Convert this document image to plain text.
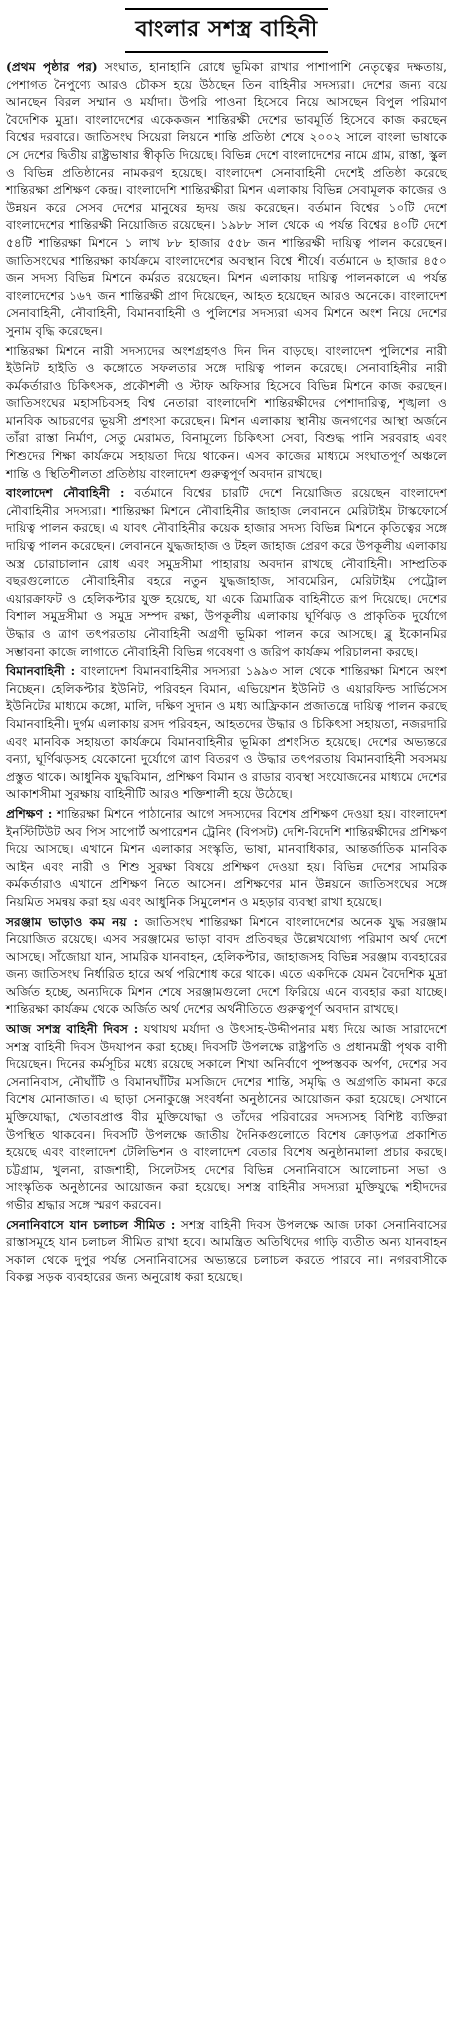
বাংলার সশস্ত্র বাহিনী

(প্রথম পৃষ্ঠার পর) সংঘাত, হানাহানি রোধে ভূমিকা রাখার পাশাপাশি নেতৃত্বের দক্ষতায়, পেশাগত নৈপুণ্যে আরও চৌকস হয়ে উঠছেন তিন বাহিনীর সদস্যরা। দেশের জন্য বয়ে আনছেন বিরল সম্মান ও মর্যাদা। উপরি পাওনা হিসেবে নিয়ে আসছেন বিপুল পরিমাণ বৈদেশিক মুদ্রা। বাংলাদেশের একেকজন শান্তিরক্ষী দেশের ভাবমূর্তি হিসেবে কাজ করছেন বিশ্বের দরবারে। জাতিসংঘ সিয়েরা লিয়নে শান্তি প্রতিষ্ঠা শেষে ২০০২ সালে বাংলা ভাষাকে সে দেশের দ্বিতীয় রাষ্ট্রভাষার স্বীকৃতি দিয়েছে। বিভিন্ন দেশে বাংলাদেশের নামে গ্রাম, রাস্তা, স্কুল ও বিভিন্ন প্রতিষ্ঠানের নামকরণ হয়েছে। বাংলাদেশ সেনাবাহিনী দেশেই প্রতিষ্ঠা করেছে শান্তিরক্ষা প্রশিক্ষণ কেন্দ্র। বাংলাদেশি শান্তিরক্ষীরা মিশন এলাকায় বিভিন্ন সেবামূলক কাজের ও উন্নয়ন করে সেসব দেশের মানুষের হৃদয় জয় করেছেন। বর্তমান বিশ্বের ১০টি দেশে বাংলাদেশের শান্তিরক্ষী নিয়োজিত রয়েছেন। ১৯৮৮ সাল থেকে এ পর্যন্ত বিশ্বের ৪০টি দেশে ৫৪টি শান্তিরক্ষা মিশনে ১ লাখ ৮৮ হাজার ৫৫৮ জন শান্তিরক্ষী দায়িত্ব পালন করেছেন। জাতিসংঘের শান্তিরক্ষা কার্যক্রমে বাংলাদেশের অবস্থান বিশ্বে শীর্ষে। বর্তমানে ৬ হাজার ৪৫০ জন সদস্য বিভিন্ন মিশনে কর্মরত রয়েছেন। মিশন এলাকায় দায়িত্ব পালনকালে এ পর্যন্ত বাংলাদেশের ১৬৭ জন শান্তিরক্ষী প্রাণ দিয়েছেন, আহত হয়েছেন আরও অনেকে। বাংলাদেশ সেনাবাহিনী, নৌবাহিনী, বিমানবাহিনী ও পুলিশের সদস্যরা এসব মিশনে অংশ নিয়ে দেশের সুনাম বৃদ্ধি করেছেন।

শান্তিরক্ষা মিশনে নারী সদস্যদের অংশগ্রহণও দিন দিন বাড়ছে। বাংলাদেশ পুলিশের নারী ইউনিট হাইতি ও কঙ্গোতে সফলতার সঙ্গে দায়িত্ব পালন করেছে। সেনাবাহিনীর নারী কর্মকর্তারাও চিকিৎসক, প্রকৌশলী ও স্টাফ অফিসার হিসেবে বিভিন্ন মিশনে কাজ করছেন। জাতিসংঘের মহাসচিবসহ বিশ্ব নেতারা বাংলাদেশি শান্তিরক্ষীদের পেশাদারিত্ব, শৃঙ্খলা ও মানবিক আচরণের ভূয়সী প্রশংসা করেছেন। মিশন এলাকায় স্থানীয় জনগণের আস্থা অর্জনে তাঁরা রাস্তা নির্মাণ, সেতু মেরামত, বিনামূল্যে চিকিৎসা সেবা, বিশুদ্ধ পানি সরবরাহ এবং শিশুদের শিক্ষা কার্যক্রমে সহায়তা দিয়ে থাকেন। এসব কাজের মাধ্যমে সংঘাতপূর্ণ অঞ্চলে শান্তি ও স্থিতিশীলতা প্রতিষ্ঠায় বাংলাদেশ গুরুত্বপূর্ণ অবদান রাখছে।

বাংলাদেশ নৌবাহিনী : বর্তমানে বিশ্বের চারটি দেশে নিয়োজিত রয়েছেন বাংলাদেশ নৌবাহিনীর সদস্যরা। শান্তিরক্ষা মিশনে নৌবাহিনীর জাহাজ লেবাননে মেরিটাইম টাস্কফোর্সে দায়িত্ব পালন করছে। এ যাবৎ নৌবাহিনীর কয়েক হাজার সদস্য বিভিন্ন মিশনে কৃতিত্বের সঙ্গে দায়িত্ব পালন করেছেন। লেবাননে যুদ্ধজাহাজ ও টহল জাহাজ প্রেরণ করে উপকূলীয় এলাকায় অস্ত্র চোরাচালান রোধ এবং সমুদ্রসীমা পাহারায় অবদান রাখছে নৌবাহিনী। সাম্প্রতিক বছরগুলোতে নৌবাহিনীর বহরে নতুন যুদ্ধজাহাজ, সাবমেরিন, মেরিটাইম পেট্রোল এয়ারক্রাফট ও হেলিকপ্টার যুক্ত হয়েছে, যা একে ত্রিমাত্রিক বাহিনীতে রূপ দিয়েছে। দেশের বিশাল সমুদ্রসীমা ও সমুদ্র সম্পদ রক্ষা, উপকূলীয় এলাকায় ঘূর্ণিঝড় ও প্রাকৃতিক দুর্যোগে উদ্ধার ও ত্রাণ তৎপরতায় নৌবাহিনী অগ্রণী ভূমিকা পালন করে আসছে। ব্লু ইকোনমির সম্ভাবনা কাজে লাগাতে নৌবাহিনী বিভিন্ন গবেষণা ও জরিপ কার্যক্রম পরিচালনা করছে।

বিমানবাহিনী : বাংলাদেশ বিমানবাহিনীর সদস্যরা ১৯৯৩ সাল থেকে শান্তিরক্ষা মিশনে অংশ নিচ্ছেন। হেলিকপ্টার ইউনিট, পরিবহন বিমান, এভিয়েশন ইউনিট ও এয়ারফিল্ড সার্ভিসেস ইউনিটের মাধ্যমে কঙ্গো, মালি, দক্ষিণ সুদান ও মধ্য আফ্রিকান প্রজাতন্ত্রে দায়িত্ব পালন করছে বিমানবাহিনী। দুর্গম এলাকায় রসদ পরিবহন, আহতদের উদ্ধার ও চিকিৎসা সহায়তা, নজরদারি এবং মানবিক সহায়তা কার্যক্রমে বিমানবাহিনীর ভূমিকা প্রশংসিত হয়েছে। দেশের অভ্যন্তরে বন্যা, ঘূর্ণিঝড়সহ যেকোনো দুর্যোগে ত্রাণ বিতরণ ও উদ্ধার তৎপরতায় বিমানবাহিনী সবসময় প্রস্তুত থাকে। আধুনিক যুদ্ধবিমান, প্রশিক্ষণ বিমান ও রাডার ব্যবস্থা সংযোজনের মাধ্যমে দেশের আকাশসীমা সুরক্ষায় বাহিনীটি আরও শক্তিশালী হয়ে উঠেছে।

প্রশিক্ষণ : শান্তিরক্ষা মিশনে পাঠানোর আগে সদস্যদের বিশেষ প্রশিক্ষণ দেওয়া হয়। বাংলাদেশ ইনস্টিটিউট অব পিস সাপোর্ট অপারেশন ট্রেনিং (বিপসট) দেশি-বিদেশি শান্তিরক্ষীদের প্রশিক্ষণ দিয়ে আসছে। এখানে মিশন এলাকার সংস্কৃতি, ভাষা, মানবাধিকার, আন্তর্জাতিক মানবিক আইন এবং নারী ও শিশু সুরক্ষা বিষয়ে প্রশিক্ষণ দেওয়া হয়। বিভিন্ন দেশের সামরিক কর্মকর্তারাও এখানে প্রশিক্ষণ নিতে আসেন। প্রশিক্ষণের মান উন্নয়নে জাতিসংঘের সঙ্গে নিয়মিত সমন্বয় করা হয় এবং আধুনিক সিমুলেশন ও মহড়ার ব্যবস্থা রাখা হয়েছে।

সরঞ্জাম ভাড়াও কম নয় : জাতিসংঘ শান্তিরক্ষা মিশনে বাংলাদেশের অনেক যুদ্ধ সরঞ্জাম নিয়োজিত রয়েছে। এসব সরঞ্জামের ভাড়া বাবদ প্রতিবছর উল্লেখযোগ্য পরিমাণ অর্থ দেশে আসছে। সাঁজোয়া যান, সামরিক যানবাহন, হেলিকপ্টার, জাহাজসহ বিভিন্ন সরঞ্জাম ব্যবহারের জন্য জাতিসংঘ নির্ধারিত হারে অর্থ পরিশোধ করে থাকে। এতে একদিকে যেমন বৈদেশিক মুদ্রা অর্জিত হচ্ছে, অন্যদিকে মিশন শেষে সরঞ্জামগুলো দেশে ফিরিয়ে এনে ব্যবহার করা যাচ্ছে। শান্তিরক্ষা কার্যক্রম থেকে অর্জিত অর্থ দেশের অর্থনীতিতে গুরুত্বপূর্ণ অবদান রাখছে।

আজ সশস্ত্র বাহিনী দিবস : যথাযথ মর্যাদা ও উৎসাহ-উদ্দীপনার মধ্য দিয়ে আজ সারাদেশে সশস্ত্র বাহিনী দিবস উদযাপন করা হচ্ছে। দিবসটি উপলক্ষে রাষ্ট্রপতি ও প্রধানমন্ত্রী পৃথক বাণী দিয়েছেন। দিনের কর্মসূচির মধ্যে রয়েছে সকালে শিখা অনির্বাণে পুষ্পস্তবক অর্পণ, দেশের সব সেনানিবাস, নৌঘাঁটি ও বিমানঘাঁটির মসজিদে দেশের শান্তি, সমৃদ্ধি ও অগ্রগতি কামনা করে বিশেষ মোনাজাত। এ ছাড়া সেনাকুঞ্জে সংবর্ধনা অনুষ্ঠানের আয়োজন করা হয়েছে। সেখানে মুক্তিযোদ্ধা, খেতাবপ্রাপ্ত বীর মুক্তিযোদ্ধা ও তাঁদের পরিবারের সদস্যসহ বিশিষ্ট ব্যক্তিরা উপস্থিত থাকবেন। দিবসটি উপলক্ষে জাতীয় দৈনিকগুলোতে বিশেষ ক্রোড়পত্র প্রকাশিত হয়েছে এবং বাংলাদেশ টেলিভিশন ও বাংলাদেশ বেতার বিশেষ অনুষ্ঠানমালা প্রচার করছে। চট্টগ্রাম, খুলনা, রাজশাহী, সিলেটসহ দেশের বিভিন্ন সেনানিবাসে আলোচনা সভা ও সাংস্কৃতিক অনুষ্ঠানের আয়োজন করা হয়েছে। সশস্ত্র বাহিনীর সদস্যরা মুক্তিযুদ্ধে শহীদদের গভীর শ্রদ্ধার সঙ্গে স্মরণ করবেন।

সেনানিবাসে যান চলাচল সীমিত : সশস্ত্র বাহিনী দিবস উপলক্ষে আজ ঢাকা সেনানিবাসের রাস্তাসমূহে যান চলাচল সীমিত রাখা হবে। আমন্ত্রিত অতিথিদের গাড়ি ব্যতীত অন্য যানবাহন সকাল থেকে দুপুর পর্যন্ত সেনানিবাসের অভ্যন্তরে চলাচল করতে পারবে না। নগরবাসীকে বিকল্প সড়ক ব্যবহারের জন্য অনুরোধ করা হয়েছে।
